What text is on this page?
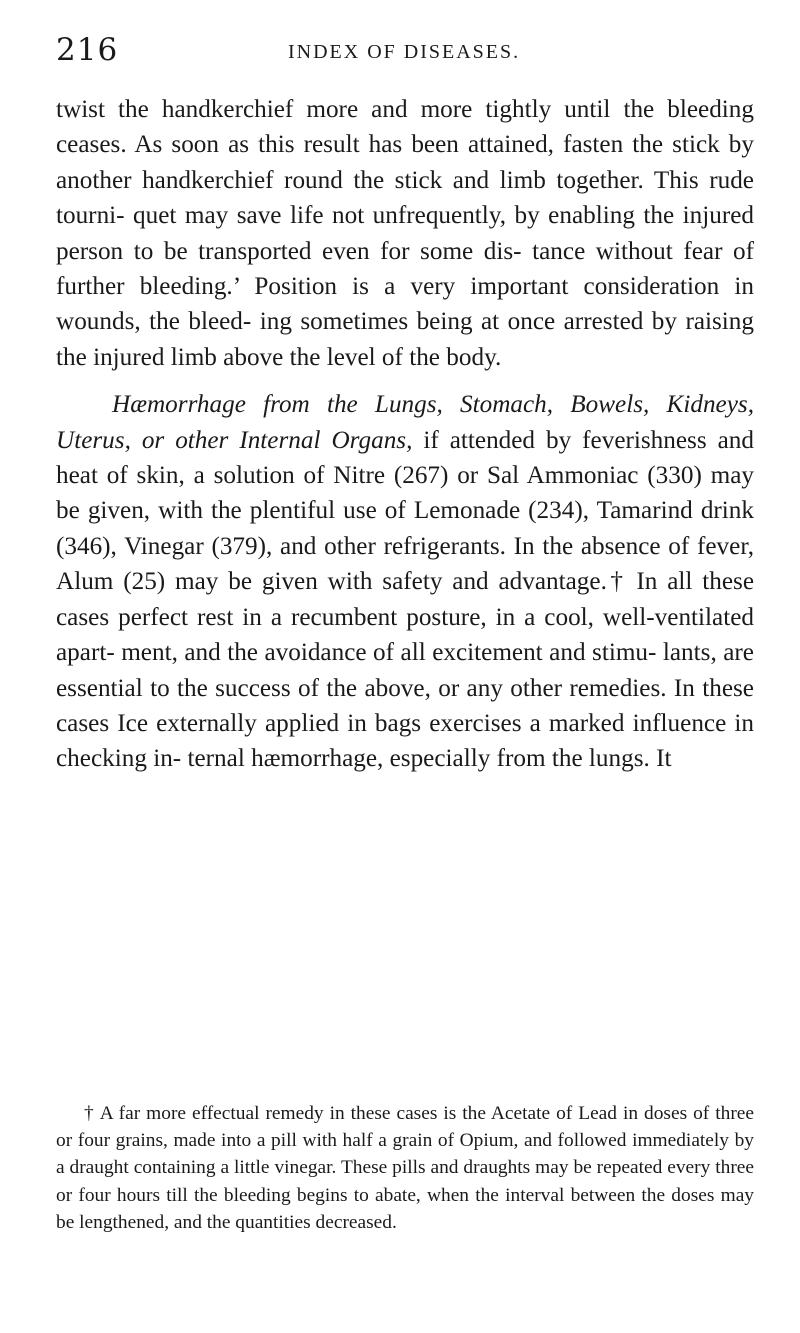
216	INDEX OF DISEASES.

twist the handkerchief more and more tightly until the bleeding ceases. As soon as this result has been attained, fasten the stick by another handkerchief round the stick and limb together. This rude tourni- quet may save life not unfrequently, by enabling the injured person to be transported even for some dis- tance without fear of further bleeding.’ Position is a very important consideration in wounds, the bleed- ing sometimes being at once arrested by raising the injured limb above the level of the body.

Hæmorrhage from the Lungs, Stomach, Bowels, Kidneys, Uterus, or other Internal Organs, if attended by feverishness and heat of skin, a solution of Nitre (267) or Sal Ammoniac (330) may be given, with the plentiful use of Lemonade (234), Tamarind drink (346), Vinegar (379), and other refrigerants. In the absence of fever, Alum (25) may be given with safety and advantage.† In all these cases perfect rest in a recumbent posture, in a cool, well-ventilated apart- ment, and the avoidance of all excitement and stimu- lants, are essential to the success of the above, or any other remedies. In these cases Ice externally applied in bags exercises a marked influence in checking in- ternal hæmorrhage, especially from the lungs. It

† A far more effectual remedy in these cases is the Acetate of Lead in doses of three or four grains, made into a pill with half a grain of Opium, and followed immediately by a draught containing a little vinegar. These pills and draughts may be repeated every three or four hours till the bleeding begins to abate, when the interval between the doses may be lengthened, and the quantities decreased.
